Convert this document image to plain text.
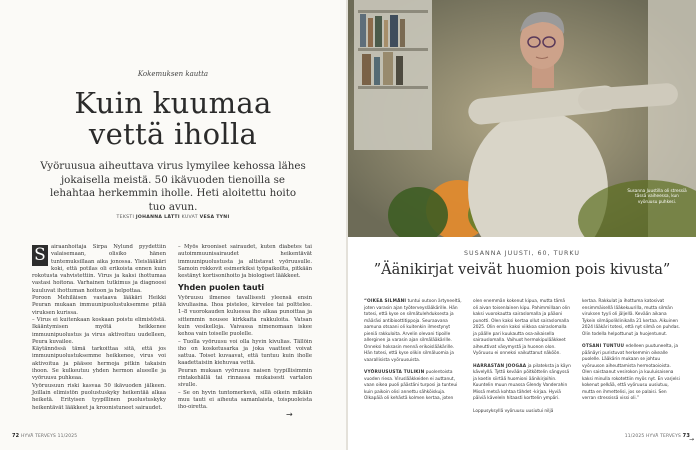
Kokemuksen kautta
Kuin kuumaa
vettä iholla
Vyöruusua aiheuttava virus lymyilee kehossa lähes jokaisella meistä. 50 ikävuoden tienoilla se lehahtaa herkemmin iholle. Heti aloitettu hoito tuo avun.
TEKSTI JOHANNA LÄTTI KUVAT VESA TYNI

S airaanhoitaja Sirpa Nylund pyydettiin valaisemaan, olisiko hänen tuntemuksillaan aika jonossa. Yleislääkäri koki, että potilas oli erikoista ennen kuin rokotusta vahvistettiin. Virus ja kaksi ihottumaa vastasi hoitona. Varhainen tutkimus ja diagnoosi kuuluvat ihottuman hoitoon ja helpottaa.

Poroon Mehiläisen vastaava lääkäri Heikki Peuran mukaan immuunipuolustuksemme pitää viruksen kurissa.

– Virus ei kuitenkaan koskaan poistu elimistöstä. Ikääntymisen myötä heikkenee immuunipuolustus ja virus aktivoituu uudelleen, Peura kuvailee.

Käytännössä tämä tarkoittaa sitä, että jos immuunipuolustuksemme heikkenee, virus voi aktivoitua ja pääsee hermoja pitkin takaisin ihoon. Se kulkeutuu yhden hermon alueelle ja vyöruusu puhkeaa.

Vyöruusuun riski kasvaa 50 ikävuoden jälkeen. Joillain elimistön puolustuskyky heikentää alkaa heiketä. Erityisen tyypillinen puolustuskyky heikentävät lääkkeet ja kroonistuneet sairaudet.

– Myös krooniset sairaudet, kuten diabetes tai autoimmuunisairaudet heikentävät immuunipuolustusta ja altistavat vyöruusulle. Samoin rokkovit esimerkiksi työpaikoilta, pitkään kestänyt kortisonihoito ja biologiset lääkkeet.

Yhden puolen tauti

Vyöruusu ilmenee tavallisesti yleensä ensin kivuliasina. Ihoa pistelee, kirvelee tai polttelee. 1–8 vuorokauden kuluessa iho alkaa punoittaa ja sittemmin nousee kirkkaita rakkuloita. Vatsan kuin vesikelloja. Vaivassa nimenomaan iskee kehoa vain toiselle puolelle.

– Tuolla vyöruusu voi olla hyvin kivulias. Tällöin iho on kosketusarka ja joka vaatteet voivat sattua. Toiset kuvaavat, että tuntuu kuin iholle kaadettaisiin kiehuvaa vettä.

Peuran mukaan vyöruusu naisen tyypillisimmin rintakehällä tai rinnassa mukaisesti vartalon sivulle.

– Se on hyvin tuntomerkevä, sillä oikein mikään muu tauti ei aiheuta samanlaista, toispuoleista iho-oiretta.

→
72 HYVÄ TERVEYS 11/2025
Susanna Juustilla oli stressiä tässä vaiheessa, kun vyöruusu puhkesi.
SUSANNA JUUSTI, 60, TURKU
”Äänikirjat veivät huomion pois kivusta”

“OIKEA SILMÄNI tuntui outoon ärtyneeltä, joten varasin ajan työterveyslääkärille. Hän totesi, että kyse on silmätulehduksesta ja määräsi antibioottitippoja. Seuraavana aamuna otsaani oli kuitenkin ilmestynyt pieniä rakkuloita. Arvelin olevani tipoille allerginen ja varasin ajan silmälääkärille. Onneksi hoksasin mennä erikoislääkärille. Hän totesi, että kyse olikin silmäluomia ja vaarallisista vyöruusuista.

VYÖRUUSUSTA TULIKIN puolentoista vuoden riesa. Viruslääkkeiden ei auttanut, vaan oikea puoli päästäni turposi ja tunteui kuin paikoin olisi annettu sähköiskuja. Olkapäiä oli kehästä kolmen kertaa, joten

olen enemmän kokenut kipua, mutta tämä oli aivan toisenlainen kipu. Pahimmillaan olin kaksi vuorokautta sairaslomalla ja pääoni punotti. Olen kaksi kertaa ollut sairaslomalla 2025. Olin ensin kaksi viikkoa sairaslomalla ja päälle pari kuukautta osa-aikaisella sairauslomalla. Vaihuot hermokipulääkkeet aiheuttivat väsymystä ja huonon olon. Vyöruusu ei onneksi vaikuttanut näköön.

HARRASTAN JOOGAA ja pilateksta ja käyn kävelyllä. Tyttö kevään pöitköttelin sängyssä ja koetin siirtää huomioni äänikirjoihin. Kuuntelin muun muassa Glendy Vanderahin Missä metsä kohtaa tähdet -kirjaa. Hyviä päiviä käveleln hitaasti korttelin ympäri.

Loppusyksyllä vyöruusu uusiutui niljä

kertaa. Rakkulat ja ihottuma katosivat ensimmäisellä lääkekuurilla, mutta silmän viruksen tyyli oli jäljellä. Kevään aikana Tykein silmäpoliklinikalla 21 kertaa. Aikuinen 2024 lääkäri totesi, että nyt silmä on puhdas. Olin todella helpottunut ja huojentunut.

OTSANI TUNTUU edelleen puutuneelta, ja päänäyri puristuvat herkemmin oikealle puolelle. Lääkärin mukaan se johtuu vyöruuson aiheuttamista hermotaoioista. Olen saistaanut vesirokon ja kuuluisaisena kaksi minulla rokotettiin myös nyt. En varjelsi kokenut pelkää, että vyöruusu uusiutuu, mutta en ihmettelisi, jos se palaisi. Sen verran stressissä vissi oli.”

→
11/2025 HYVÄ TERVEYS 73
